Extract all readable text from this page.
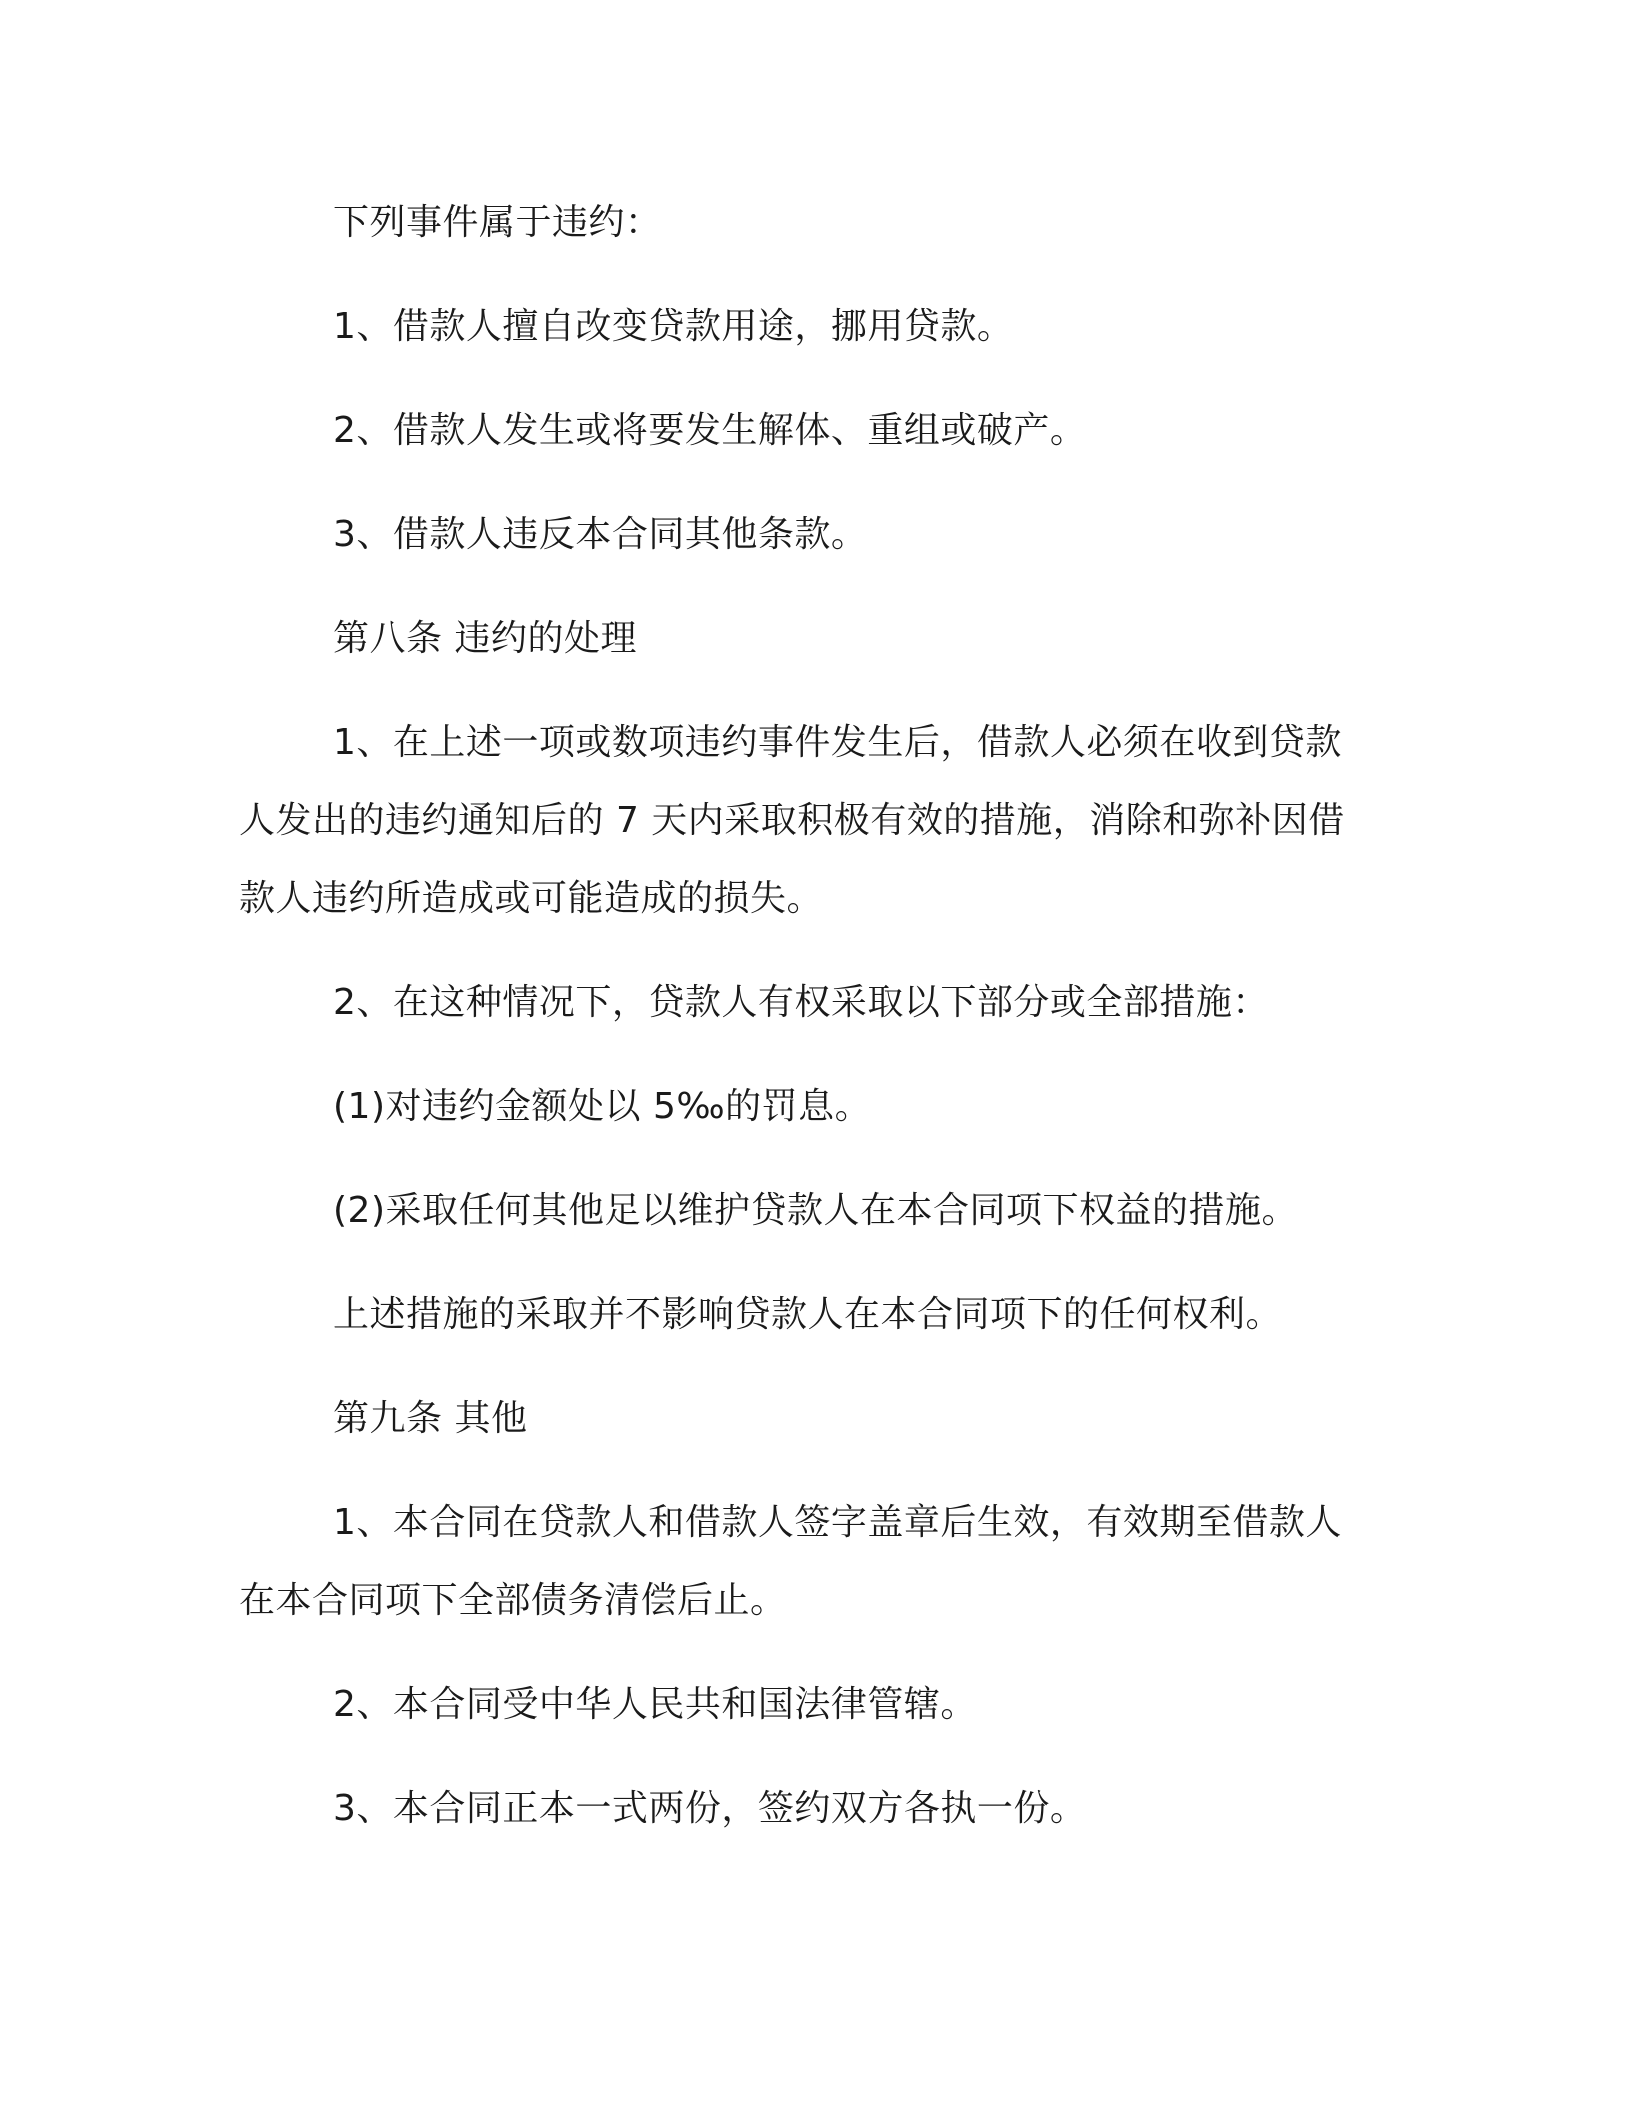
下列事件属于违约：

1、借款人擅自改变贷款用途，挪用贷款。

2、借款人发生或将要发生解体、重组或破产。

3、借款人违反本合同其他条款。

第八条 违约的处理

1、在上述一项或数项违约事件发生后，借款人必须在收到贷款人发出的违约通知后的 7 天内采取积极有效的措施，消除和弥补因借款人违约所造成或可能造成的损失。

2、在这种情况下，贷款人有权采取以下部分或全部措施：

(1)对违约金额处以 5‰的罚息。

(2)采取任何其他足以维护贷款人在本合同项下权益的措施。

上述措施的采取并不影响贷款人在本合同项下的任何权利。

第九条 其他

1、本合同在贷款人和借款人签字盖章后生效，有效期至借款人在本合同项下全部债务清偿后止。

2、本合同受中华人民共和国法律管辖。

3、本合同正本一式两份，签约双方各执一份。
